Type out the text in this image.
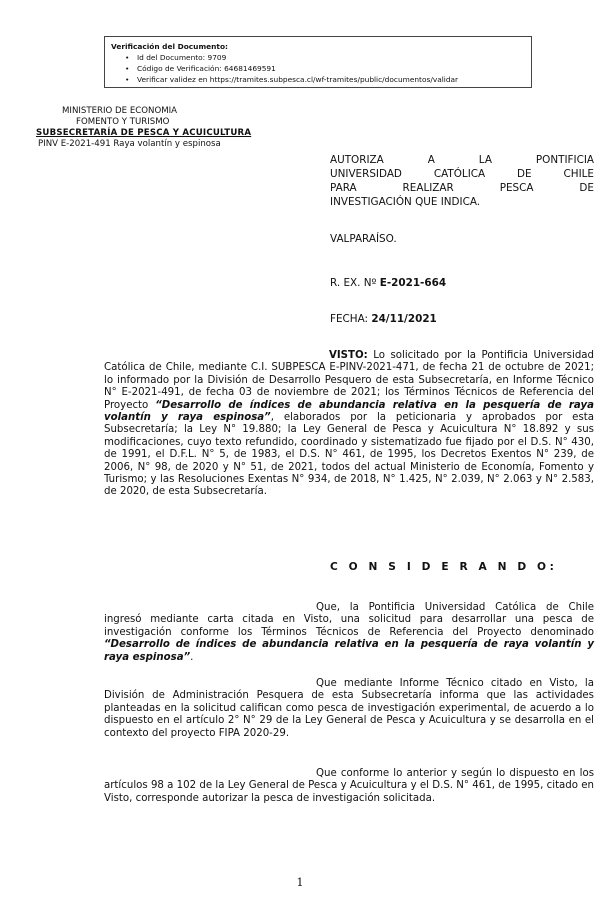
Verificación del Documento:
• Id del Documento: 9709
• Código de Verificación: 64681469591
• Verificar validez en https://tramites.subpesca.cl/wf-tramites/public/documentos/validar
MINISTERIO DE ECONOMIA
FOMENTO Y TURISMO
SUBSECRETARÍA DE PESCA Y ACUICULTURA
PINV E-2021-491 Raya volantín y espinosa
AUTORIZA A LA PONTIFICIA
UNIVERSIDAD CATÓLICA DE CHILE
PARA REALIZAR PESCA DE
INVESTIGACIÓN QUE INDICA.
VALPARAÍSO.
R. EX. Nº E-2021-664
FECHA: 24/11/2021
VISTO: Lo solicitado por la Pontificia Universidad Católica de Chile, mediante C.I. SUBPESCA E-PINV-2021-471, de fecha 21 de octubre de 2021; lo informado por la División de Desarrollo Pesquero de esta Subsecretaría, en Informe Técnico N° E-2021-491, de fecha 03 de noviembre de 2021; los Términos Técnicos de Referencia del Proyecto “Desarrollo de índices de abundancia relativa en la pesquería de raya volantín y raya espinosa”, elaborados por la peticionaria y aprobados por esta Subsecretaría; la Ley N° 19.880; la Ley General de Pesca y Acuicultura N° 18.892 y sus modificaciones, cuyo texto refundido, coordinado y sistematizado fue fijado por el D.S. N° 430, de 1991, el D.F.L. N° 5, de 1983, el D.S. N° 461, de 1995, los Decretos Exentos N° 239, de 2006, N° 98, de 2020 y N° 51, de 2021, todos del actual Ministerio de Economía, Fomento y Turismo; y las Resoluciones Exentas N° 934, de 2018, N° 1.425, N° 2.039, N° 2.063 y N° 2.583, de 2020, de esta Subsecretaría.
C O N S I D E R A N D O:
Que, la Pontificia Universidad Católica de Chile ingresó mediante carta citada en Visto, una solicitud para desarrollar una pesca de investigación conforme los Términos Técnicos de Referencia del Proyecto denominado “Desarrollo de índices de abundancia relativa en la pesquería de raya volantín y raya espinosa”.
Que mediante Informe Técnico citado en Visto, la División de Administración Pesquera de esta Subsecretaría informa que las actividades planteadas en la solicitud califican como pesca de investigación experimental, de acuerdo a lo dispuesto en el artículo 2° N° 29 de la Ley General de Pesca y Acuicultura y se desarrolla en el contexto del proyecto FIPA 2020-29.
Que conforme lo anterior y según lo dispuesto en los artículos 98 a 102 de la Ley General de Pesca y Acuicultura y el D.S. N° 461, de 1995, citado en Visto, corresponde autorizar la pesca de investigación solicitada.
1
